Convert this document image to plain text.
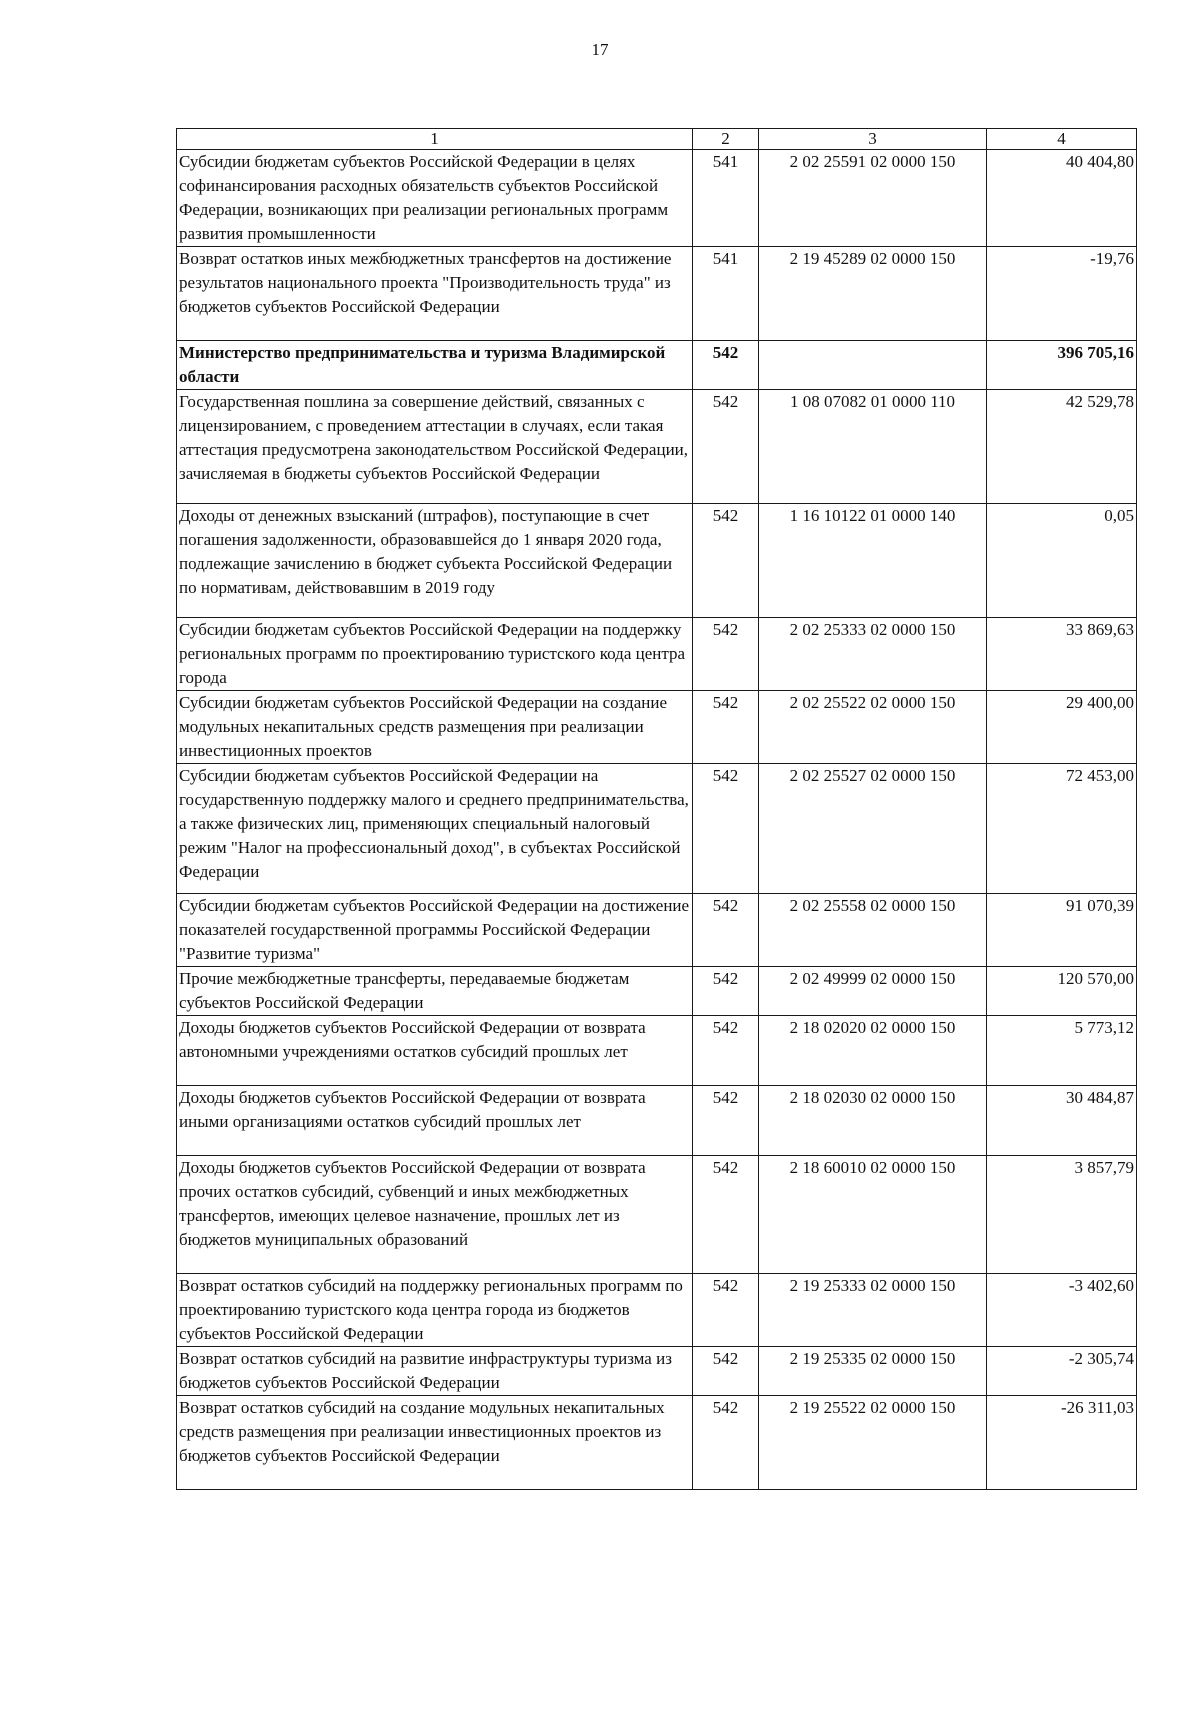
17
1	2	3	4
Субсидии бюджетам субъектов Российской Федерации в целях софинансирования расходных обязательств субъектов Российской Федерации, возникающих при реализации региональных программ развития промышленности	541	2 02 25591 02 0000 150	40 404,80
Возврат остатков иных межбюджетных трансфертов на достижение результатов национального проекта "Производительность труда" из бюджетов субъектов Российской Федерации	541	2 19 45289 02 0000 150	-19,76
Министерство предпринимательства и туризма Владимирской области	542		396 705,16
Государственная пошлина за совершение действий, связанных с лицензированием, с проведением аттестации в случаях, если такая аттестация предусмотрена законодательством Российской Федерации, зачисляемая в бюджеты субъектов Российской Федерации	542	1 08 07082 01 0000 110	42 529,78
Доходы от денежных взысканий (штрафов), поступающие в счет погашения задолженности, образовавшейся до 1 января 2020 года, подлежащие зачислению в бюджет субъекта Российской Федерации по нормативам, действовавшим в 2019 году	542	1 16 10122 01 0000 140	0,05
Субсидии бюджетам субъектов Российской Федерации на поддержку региональных программ по проектированию туристского кода центра города	542	2 02 25333 02 0000 150	33 869,63
Субсидии бюджетам субъектов Российской Федерации на создание модульных некапитальных средств размещения при реализации инвестиционных проектов	542	2 02 25522 02 0000 150	29 400,00
Субсидии бюджетам субъектов Российской Федерации на государственную поддержку малого и среднего предпринимательства, а также физических лиц, применяющих специальный налоговый режим "Налог на профессиональный доход", в субъектах Российской Федерации	542	2 02 25527 02 0000 150	72 453,00
Субсидии бюджетам субъектов Российской Федерации на достижение показателей государственной программы Российской Федерации "Развитие туризма"	542	2 02 25558 02 0000 150	91 070,39
Прочие межбюджетные трансферты, передаваемые бюджетам субъектов Российской Федерации	542	2 02 49999 02 0000 150	120 570,00
Доходы бюджетов субъектов Российской Федерации от возврата автономными учреждениями остатков субсидий прошлых лет	542	2 18 02020 02 0000 150	5 773,12
Доходы бюджетов субъектов Российской Федерации от возврата иными организациями остатков субсидий прошлых лет	542	2 18 02030 02 0000 150	30 484,87
Доходы бюджетов субъектов Российской Федерации от возврата прочих остатков субсидий, субвенций и иных межбюджетных трансфертов, имеющих целевое назначение, прошлых лет из бюджетов муниципальных образований	542	2 18 60010 02 0000 150	3 857,79
Возврат остатков субсидий на поддержку региональных программ по проектированию туристского кода центра города из бюджетов субъектов Российской Федерации	542	2 19 25333 02 0000 150	-3 402,60
Возврат остатков субсидий на развитие инфраструктуры туризма из бюджетов субъектов Российской Федерации	542	2 19 25335 02 0000 150	-2 305,74
Возврат остатков субсидий на создание модульных некапитальных средств размещения при реализации инвестиционных проектов из бюджетов субъектов Российской Федерации	542	2 19 25522 02 0000 150	-26 311,03
